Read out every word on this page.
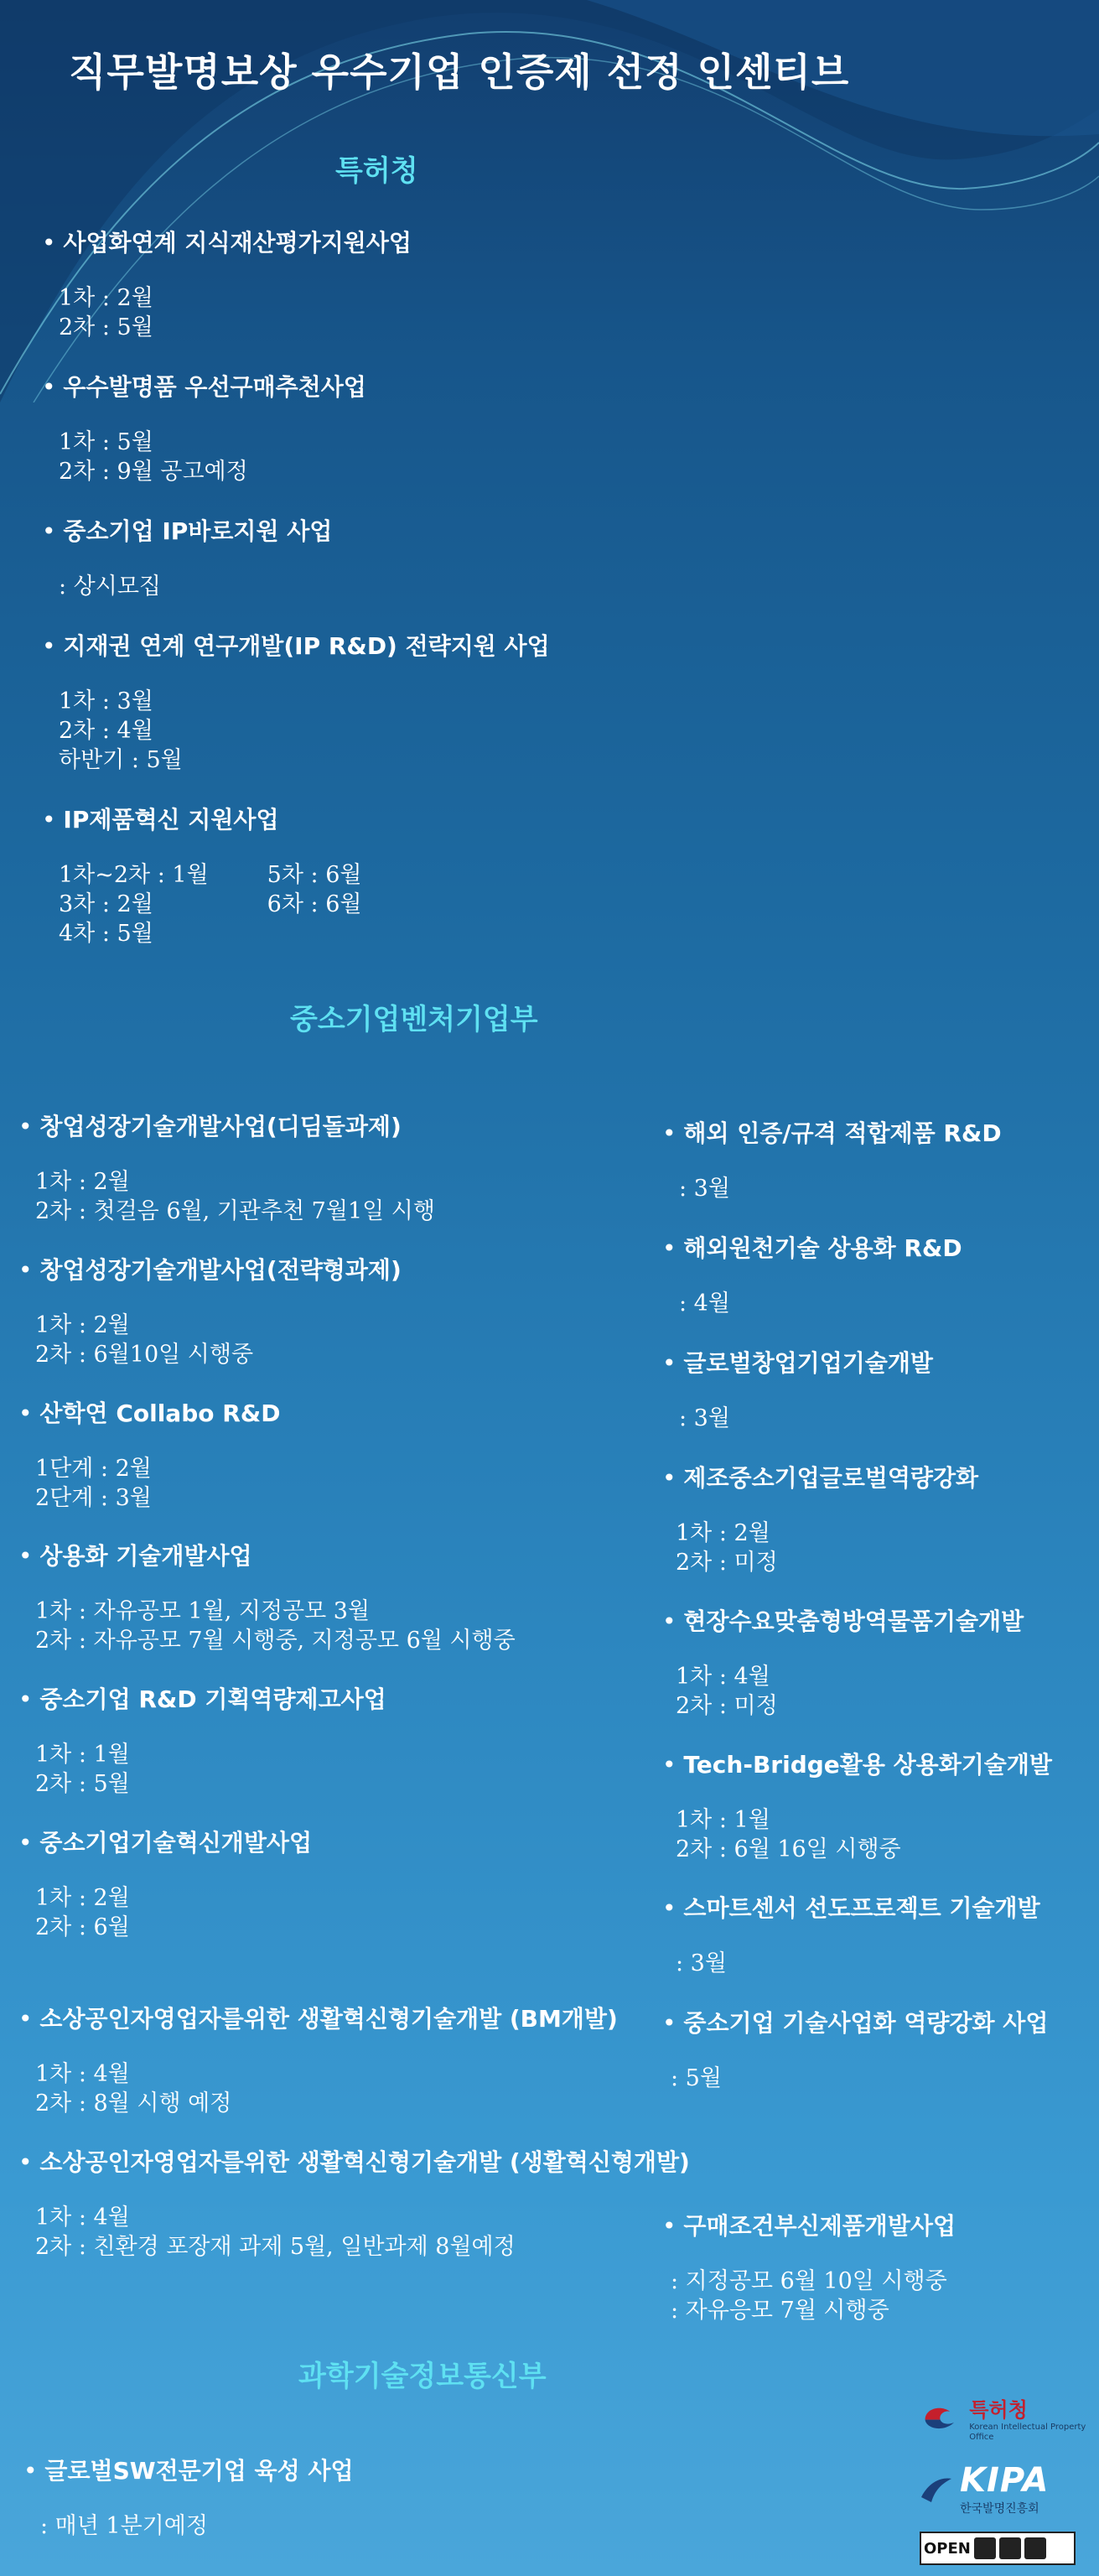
직무발명보상 우수기업 인증제 선정 인센티브
특허청
• 사업화연계 지식재산평가지원사업
1차 : 2월
2차 : 5월
• 우수발명품 우선구매추천사업
1차 : 5월
2차 : 9월 공고예정
• 중소기업 IP바로지원 사업
: 상시모집
• 지재권 연계 연구개발(IP R&D) 전략지원 사업
1차 : 3월
2차 : 4월
하반기 : 5월
• IP제품혁신 지원사업
1차~2차 : 1월
3차 : 2월
4차 : 5월
5차 : 6월
6차 : 6월
중소기업벤처기업부
• 창업성장기술개발사업(디딤돌과제)
1차 : 2월
2차 : 첫걸음 6월, 기관추천 7월1일 시행
• 창업성장기술개발사업(전략형과제)
1차 : 2월
2차 : 6월10일 시행중
• 산학연 Collabo R&D
1단계 : 2월
2단계 : 3월
• 상용화 기술개발사업
1차 : 자유공모 1월, 지정공모 3월
2차 : 자유공모 7월 시행중, 지정공모 6월 시행중
• 중소기업 R&D 기획역량제고사업
1차 : 1월
2차 : 5월
• 중소기업기술혁신개발사업
1차 : 2월
2차 : 6월
• 소상공인자영업자를위한 생활혁신형기술개발 (BM개발)
1차 : 4월
2차 : 8월 시행 예정
• 소상공인자영업자를위한 생활혁신형기술개발 (생활혁신형개발)
1차 : 4월
2차 : 친환경 포장재 과제 5월, 일반과제 8월예정
• 해외 인증/규격 적합제품 R&D
: 3월
• 해외원천기술 상용화 R&D
: 4월
• 글로벌창업기업기술개발
: 3월
• 제조중소기업글로벌역량강화
1차 : 2월
2차 : 미정
• 현장수요맞춤형방역물품기술개발
1차 : 4월
2차 : 미정
• Tech-Bridge활용 상용화기술개발
1차 : 1월
2차 : 6월 16일 시행중
• 스마트센서 선도프로젝트 기술개발
: 3월
• 중소기업 기술사업화 역량강화 사업
: 5월
• 구매조건부신제품개발사업
: 지정공모 6월 10일 시행중
: 자유응모 7월 시행중
과학기술정보통신부
• 글로벌SW전문기업 육성 사업
: 매년 1분기예정
특허청
Korean Intellectual Property Office
KIPA
한국발명진흥회
OPEN
